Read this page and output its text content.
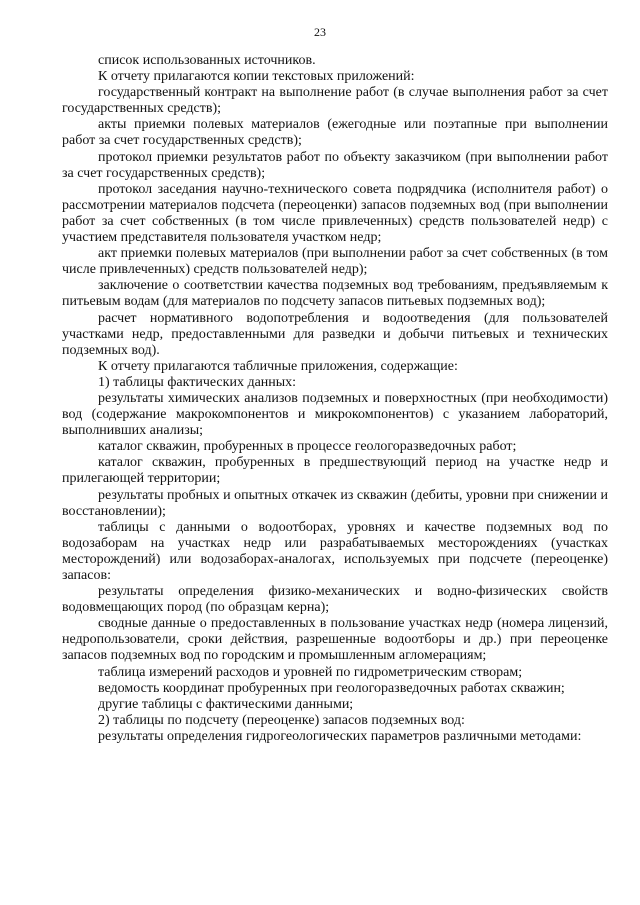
23

список использованных источников.

К отчету прилагаются копии текстовых приложений:

государственный контракт на выполнение работ (в случае выполнения работ за счет государственных средств);

акты приемки полевых материалов (ежегодные или поэтапные при выполнении работ за счет государственных средств);

протокол приемки результатов работ по объекту заказчиком (при выполнении работ за счет государственных средств);

протокол заседания научно-технического совета подрядчика (исполнителя работ) о рассмотрении материалов подсчета (переоценки) запасов подземных вод (при выполнении работ за счет собственных (в том числе привлеченных) средств пользователей недр) с участием представителя пользователя участком недр;

акт приемки полевых материалов (при выполнении работ за счет собственных (в том числе привлеченных) средств пользователей недр);

заключение о соответствии качества подземных вод требованиям, предъявляемым к питьевым водам (для материалов по подсчету запасов питьевых подземных вод);

расчет нормативного водопотребления и водоотведения (для пользователей участками недр, предоставленными для разведки и добычи питьевых и технических подземных вод).

К отчету прилагаются табличные приложения, содержащие:

1) таблицы фактических данных:

результаты химических анализов подземных и поверхностных (при необходимости) вод (содержание макрокомпонентов и микрокомпонентов) с указанием лабораторий, выполнивших анализы;

каталог скважин, пробуренных в процессе геологоразведочных работ;

каталог скважин, пробуренных в предшествующий период на участке недр и прилегающей территории;

результаты пробных и опытных откачек из скважин (дебиты, уровни при снижении и восстановлении);

таблицы с данными о водоотборах, уровнях и качестве подземных вод по водозаборам на участках недр или разрабатываемых месторождениях (участках месторождений) или водозаборах-аналогах, используемых при подсчете (переоценке) запасов:

результаты определения физико-механических и водно-физических свойств водовмещающих пород (по образцам керна);

сводные данные о предоставленных в пользование участках недр (номера лицензий, недропользователи, сроки действия, разрешенные водоотборы и др.) при переоценке запасов подземных вод по городским и промышленным агломерациям;

таблица измерений расходов и уровней по гидрометрическим створам;

ведомость координат пробуренных при геологоразведочных работах скважин;

другие таблицы с фактическими данными;

2) таблицы по подсчету (переоценке) запасов подземных вод:

результаты определения гидрогеологических параметров различными методами:
